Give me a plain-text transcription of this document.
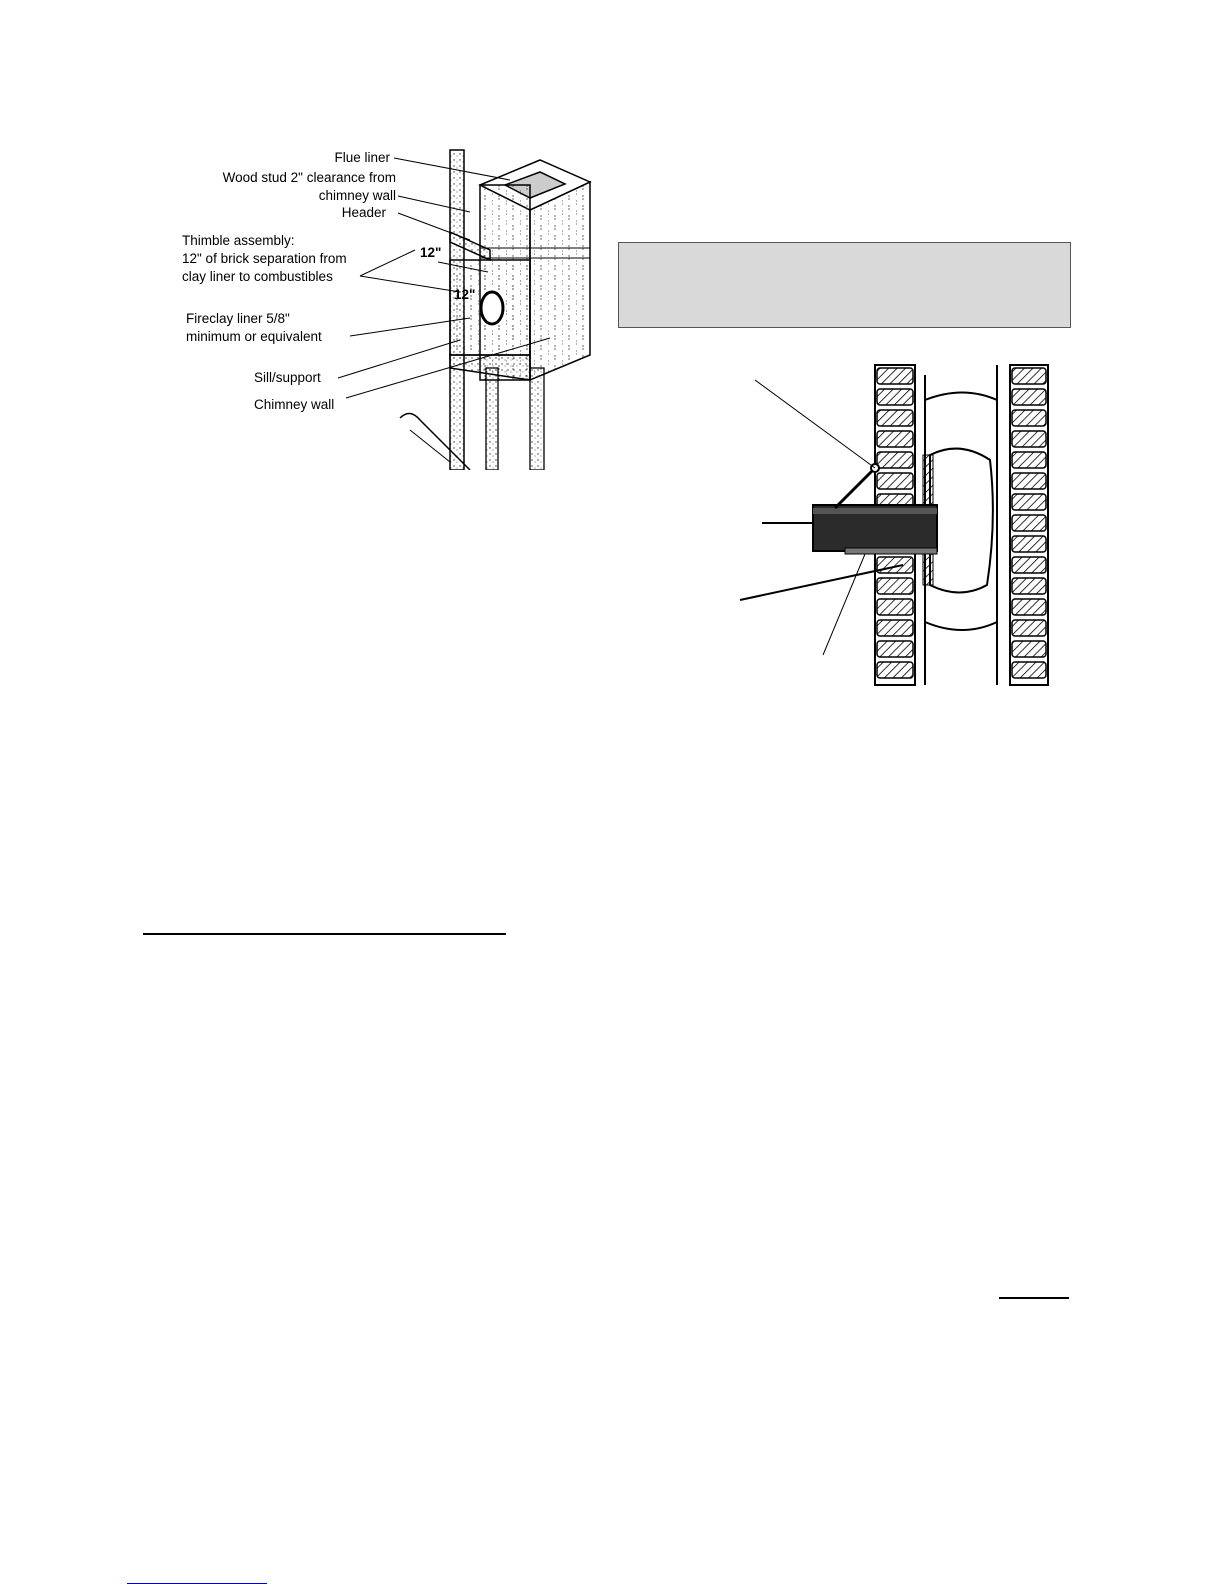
Flue liner
Wood stud 2" clearance from
chimney wall
Header
Thimble assembly:
12" of brick separation from
clay liner to combustibles
12"
12"
Fireclay liner 5/8"
minimum or equivalent
Sill/support
Chimney wall
